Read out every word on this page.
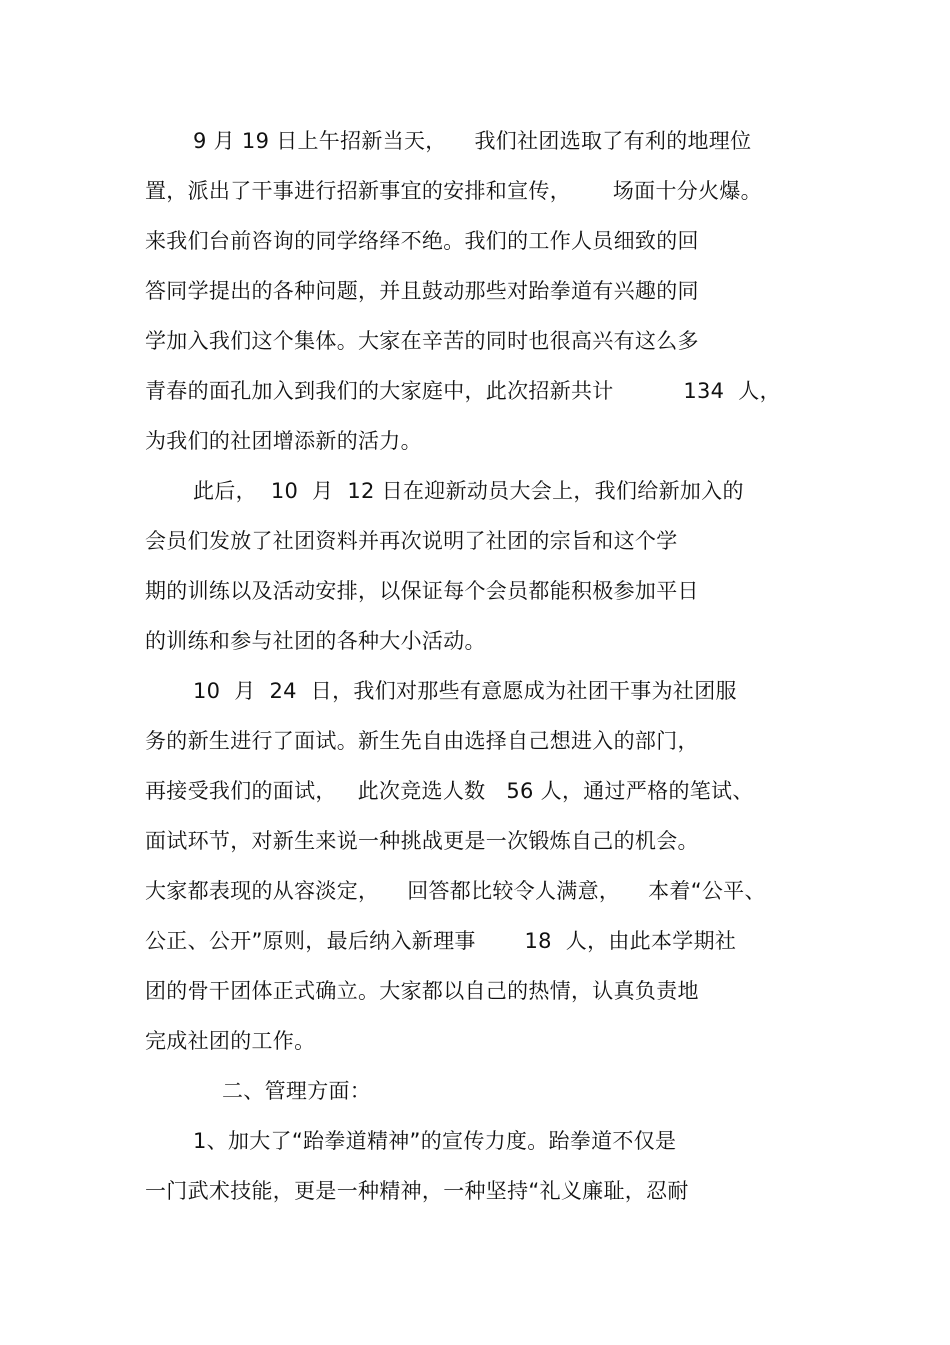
9 月 19 日上午招新当天，    我们社团选取了有利的地理位
置，派出了干事进行招新事宜的安排和宣传，      场面十分火爆。
来我们台前咨询的同学络绎不绝。我们的工作人员细致的回
答同学提出的各种问题，并且鼓动那些对跆拳道有兴趣的同
学加入我们这个集体。大家在辛苦的同时也很高兴有这么多
青春的面孔加入到我们的大家庭中，此次招新共计          134  人，
为我们的社团增添新的活力。
此后，  10  月  12 日在迎新动员大会上，我们给新加入的
会员们发放了社团资料并再次说明了社团的宗旨和这个学
期的训练以及活动安排，以保证每个会员都能积极参加平日
的训练和参与社团的各种大小活动。
10  月  24  日，我们对那些有意愿成为社团干事为社团服
务的新生进行了面试。新生先自由选择自己想进入的部门，
再接受我们的面试，   此次竞选人数   56 人，通过严格的笔试、
面试环节，对新生来说一种挑战更是一次锻炼自己的机会。
大家都表现的从容淡定，    回答都比较令人满意，    本着“公平、
公正、公开”原则，最后纳入新理事       18  人，由此本学期社
团的骨干团体正式确立。大家都以自己的热情，认真负责地
完成社团的工作。
二、管理方面：
1、加大了“跆拳道精神”的宣传力度。跆拳道不仅是
一门武术技能，更是一种精神，一种坚持“礼义廉耻，忍耐
